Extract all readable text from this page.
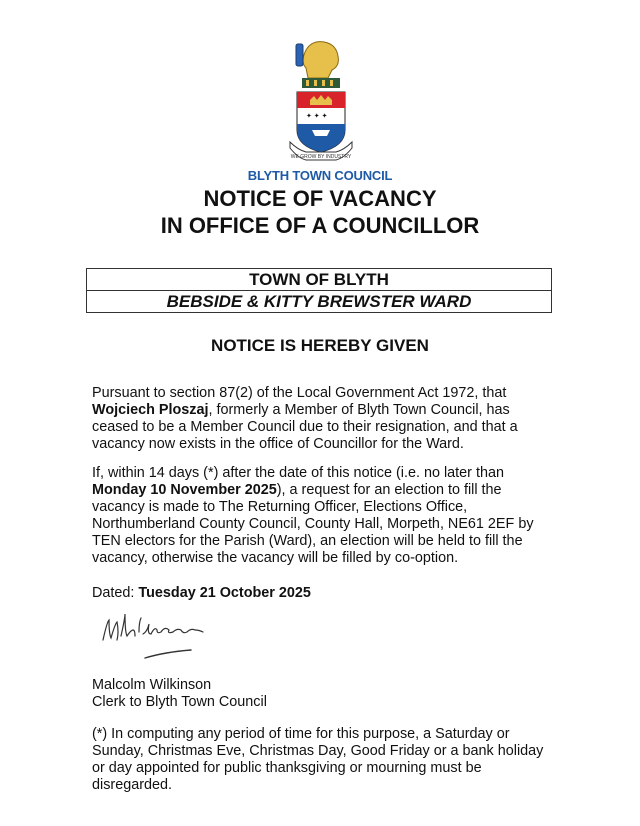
✦ ✦ ✦
WE GROW BY INDUSTRY
BLYTH TOWN COUNCIL
NOTICE OF VACANCY
IN OFFICE OF A COUNCILLOR
TOWN OF BLYTH
BEBSIDE & KITTY BREWSTER WARD
NOTICE IS HEREBY GIVEN
Pursuant to section 87(2) of the Local Government Act 1972, that Wojciech Ploszaj, formerly a Member of Blyth Town Council, has ceased to be a Member Council due to their resignation, and that a vacancy now exists in the office of Councillor for the Ward.
If, within 14 days (*) after the date of this notice (i.e. no later than Monday 10 November 2025), a request for an election to fill the vacancy is made to The Returning Officer, Elections Office, Northumberland County Council, County Hall, Morpeth, NE61 2EF by TEN electors for the Parish (Ward), an election will be held to fill the vacancy, otherwise the vacancy will be filled by co-option.
Dated: Tuesday 21 October 2025
Malcolm Wilkinson
Clerk to Blyth Town Council
(*) In computing any period of time for this purpose, a Saturday or Sunday, Christmas Eve, Christmas Day, Good Friday or a bank holiday or day appointed for public thanksgiving or mourning must be disregarded.
